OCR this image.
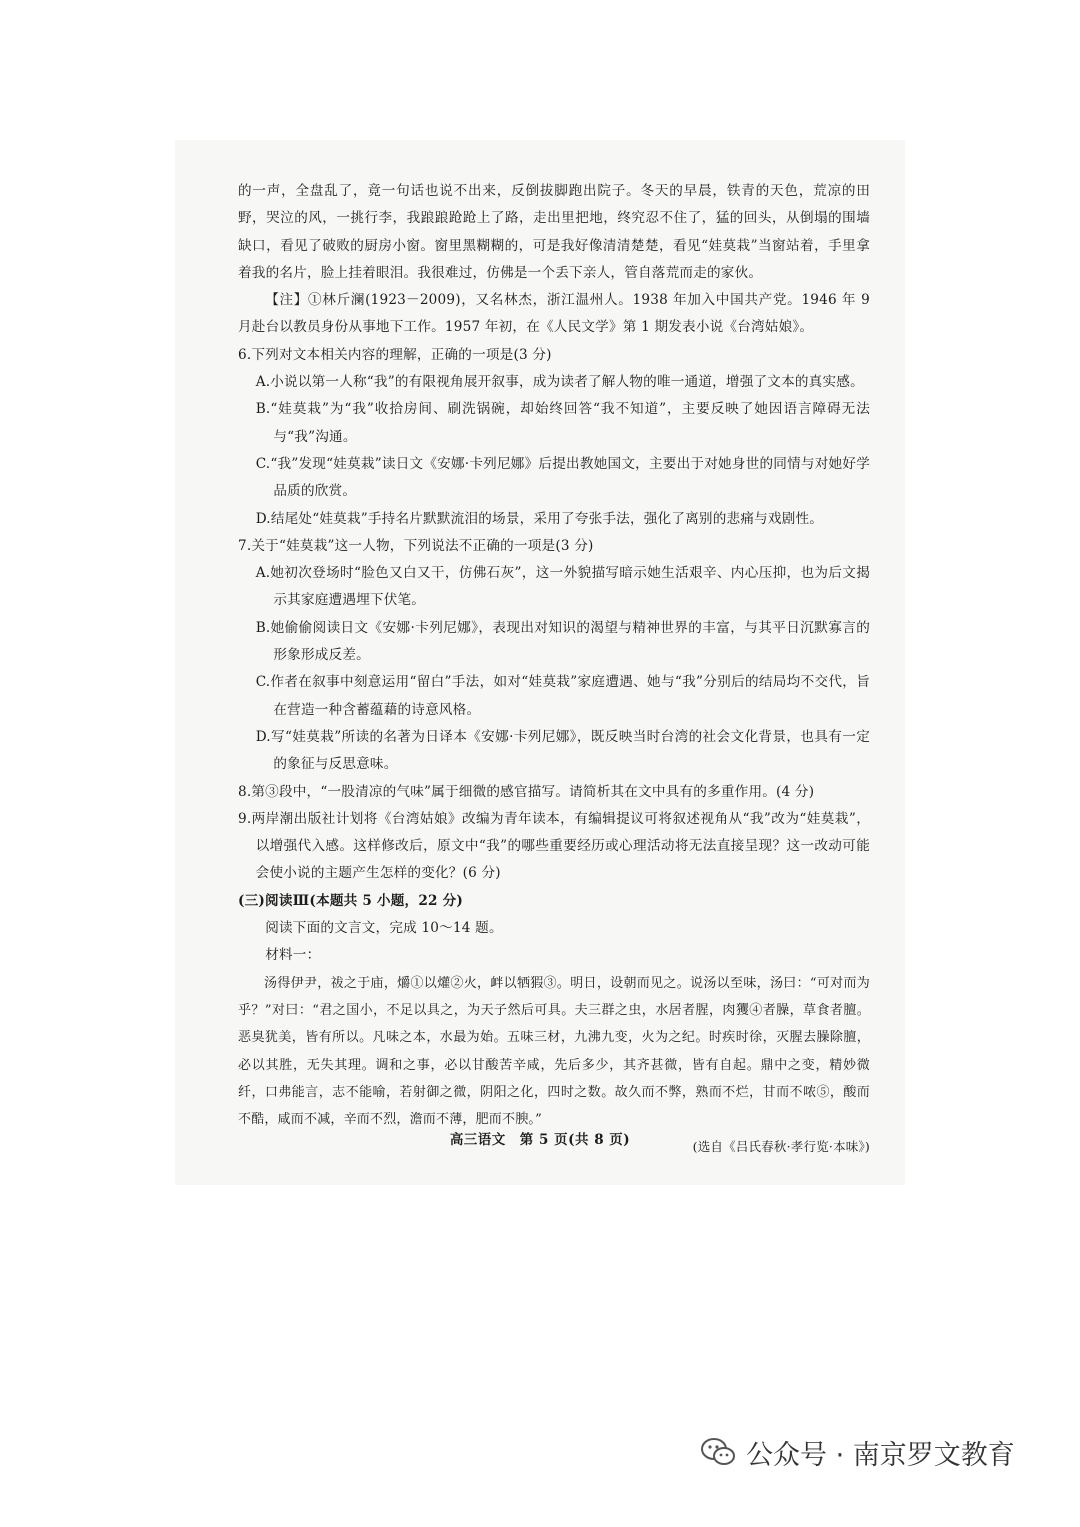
的一声，全盘乱了，竟一句话也说不出来，反倒拔脚跑出院子。冬天的早晨，铁青的天色，荒凉的田野，哭泣的风，一挑行李，我踉踉跄跄上了路，走出里把地，终究忍不住了，猛的回头，从倒塌的围墙缺口，看见了破败的厨房小窗。窗里黑糊糊的，可是我好像清清楚楚，看见“娃莫栽”当窗站着，手里拿着我的名片，脸上挂着眼泪。我很难过，仿佛是一个丢下亲人，管自落荒而走的家伙。

【注】①林斤澜(1923－2009)，又名林杰，浙江温州人。1938 年加入中国共产党。1946 年 9 月赴台以教员身份从事地下工作。1957 年初，在《人民文学》第 1 期发表小说《台湾姑娘》。

6.下列对文本相关内容的理解，正确的一项是(3 分)

A.小说以第一人称“我”的有限视角展开叙事，成为读者了解人物的唯一通道，增强了文本的真实感。

B.“娃莫栽”为“我”收拾房间、刷洗锅碗，却始终回答“我不知道”，主要反映了她因语言障碍无法与“我”沟通。

C.“我”发现“娃莫栽”读日文《安娜·卡列尼娜》后提出教她国文，主要出于对她身世的同情与对她好学品质的欣赏。

D.结尾处“娃莫栽”手持名片默默流泪的场景，采用了夸张手法，强化了离别的悲痛与戏剧性。

7.关于“娃莫栽”这一人物，下列说法不正确的一项是(3 分)

A.她初次登场时“脸色又白又干，仿佛石灰”，这一外貌描写暗示她生活艰辛、内心压抑，也为后文揭示其家庭遭遇埋下伏笔。

B.她偷偷阅读日文《安娜·卡列尼娜》，表现出对知识的渴望与精神世界的丰富，与其平日沉默寡言的形象形成反差。

C.作者在叙事中刻意运用“留白”手法，如对“娃莫栽”家庭遭遇、她与“我”分别后的结局均不交代，旨在营造一种含蓄蕴藉的诗意风格。

D.写“娃莫栽”所读的名著为日译本《安娜·卡列尼娜》，既反映当时台湾的社会文化背景，也具有一定的象征与反思意味。

8.第③段中，“一股清凉的气味”属于细微的感官描写。请简析其在文中具有的多重作用。(4 分)

9.两岸潮出版社计划将《台湾姑娘》改编为青年读本，有编辑提议可将叙述视角从“我”改为“娃莫栽”，以增强代入感。这样修改后，原文中“我”的哪些重要经历或心理活动将无法直接呈现？这一改动可能会使小说的主题产生怎样的变化？(6 分)

(三)阅读Ⅲ(本题共 5 小题，22 分)

阅读下面的文言文，完成 10～14 题。

材料一：

汤得伊尹，祓之于庙，爝①以爟②火，衅以牺猳③。明日，设朝而见之。说汤以至味，汤曰：“可对而为乎？”对曰：“君之国小，不足以具之，为天子然后可具。夫三群之虫，水居者腥，肉玃④者臊，草食者膻。恶臭犹美，皆有所以。凡味之本，水最为始。五味三材，九沸九变，火为之纪。时疾时徐，灭腥去臊除膻，必以其胜，无失其理。调和之事，必以甘酸苦辛咸，先后多少，其齐甚微，皆有自起。鼎中之变，精妙微纤，口弗能言，志不能喻，若射御之微，阴阳之化，四时之数。故久而不弊，熟而不烂，甘而不哝⑤，酸而不酷，咸而不减，辛而不烈，澹而不薄，肥而不腴。”

(选自《吕氏春秋·孝行览·本味》)

高三语文　第 5 页(共 8 页)
公众号 · 南京罗文教育
